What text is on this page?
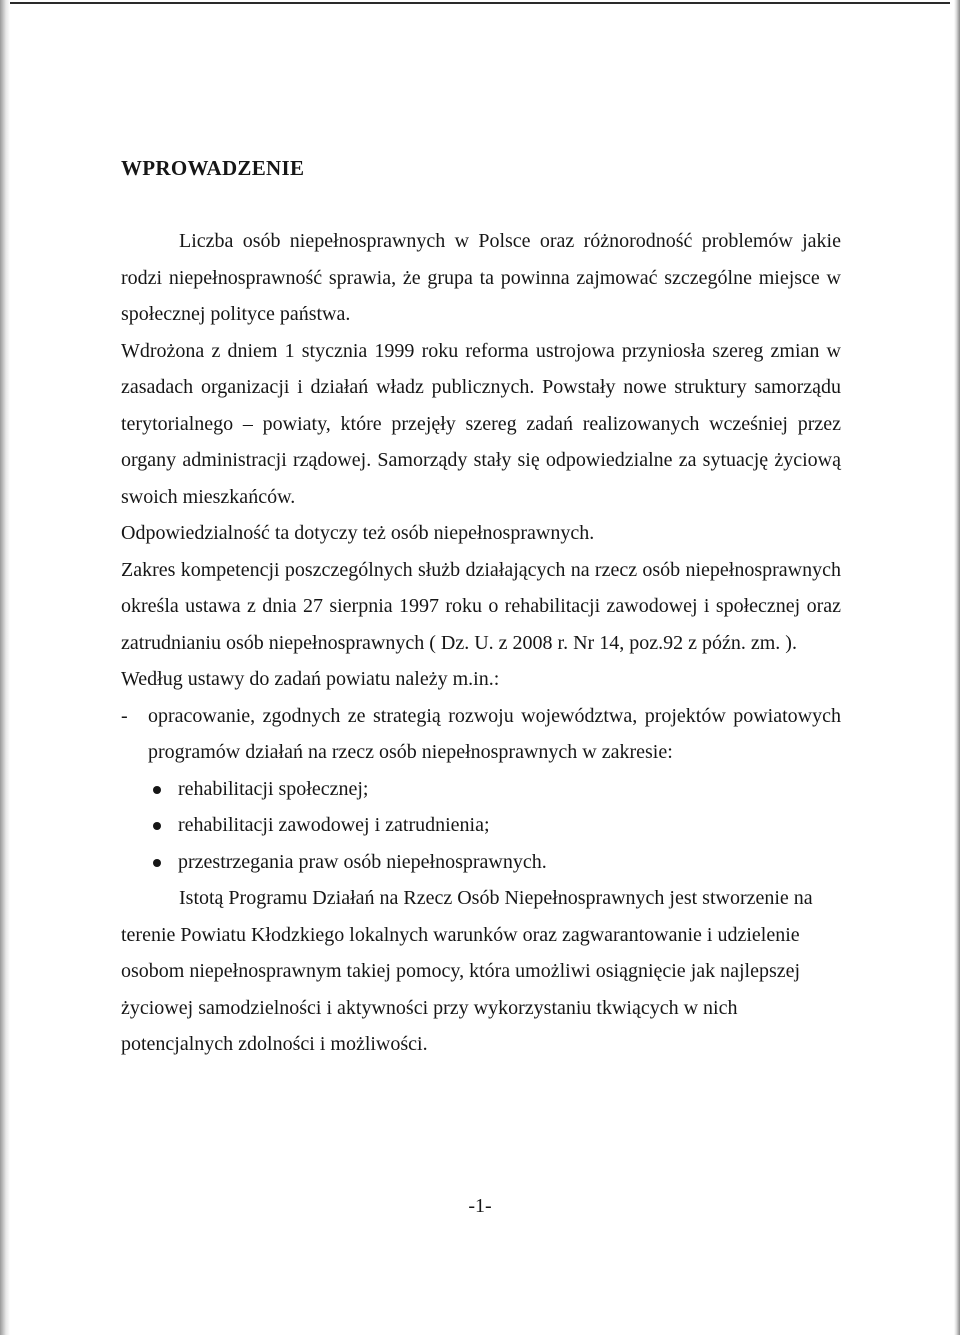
WPROWADZENIE

Liczba osób niepełnosprawnych w Polsce oraz różnorodność problemów jakie rodzi niepełnosprawność sprawia, że grupa ta powinna zajmować szczególne miejsce w społecznej polityce państwa.

Wdrożona z dniem 1 stycznia 1999 roku reforma ustrojowa przyniosła szereg zmian w zasadach organizacji i działań władz publicznych. Powstały nowe struktury samorządu terytorialnego – powiaty, które przejęły szereg zadań realizowanych wcześniej przez organy administracji rządowej. Samorządy stały się odpowiedzialne za sytuację życiową swoich mieszkańców.

Odpowiedzialność ta dotyczy też osób niepełnosprawnych.

Zakres kompetencji poszczególnych służb działających na rzecz osób niepełnosprawnych określa ustawa z dnia 27 sierpnia 1997 roku o rehabilitacji zawodowej i społecznej oraz zatrudnianiu osób niepełnosprawnych ( Dz. U. z 2008 r. Nr 14, poz.92 z późn. zm. ).

Według ustawy do zadań powiatu należy m.in.:

- opracowanie, zgodnych ze strategią rozwoju województwa, projektów powiatowych programów działań na rzecz osób niepełnosprawnych w zakresie:
rehabilitacji społecznej;
rehabilitacji zawodowej i zatrudnienia;
przestrzegania praw osób niepełnosprawnych.

Istotą Programu Działań na Rzecz Osób Niepełnosprawnych jest stworzenie na terenie Powiatu Kłodzkiego lokalnych warunków oraz zagwarantowanie i udzielenie osobom niepełnosprawnym takiej pomocy, która umożliwi osiągnięcie jak najlepszej życiowej samodzielności i aktywności przy wykorzystaniu tkwiących w nich potencjalnych zdolności i możliwości.

-1-
